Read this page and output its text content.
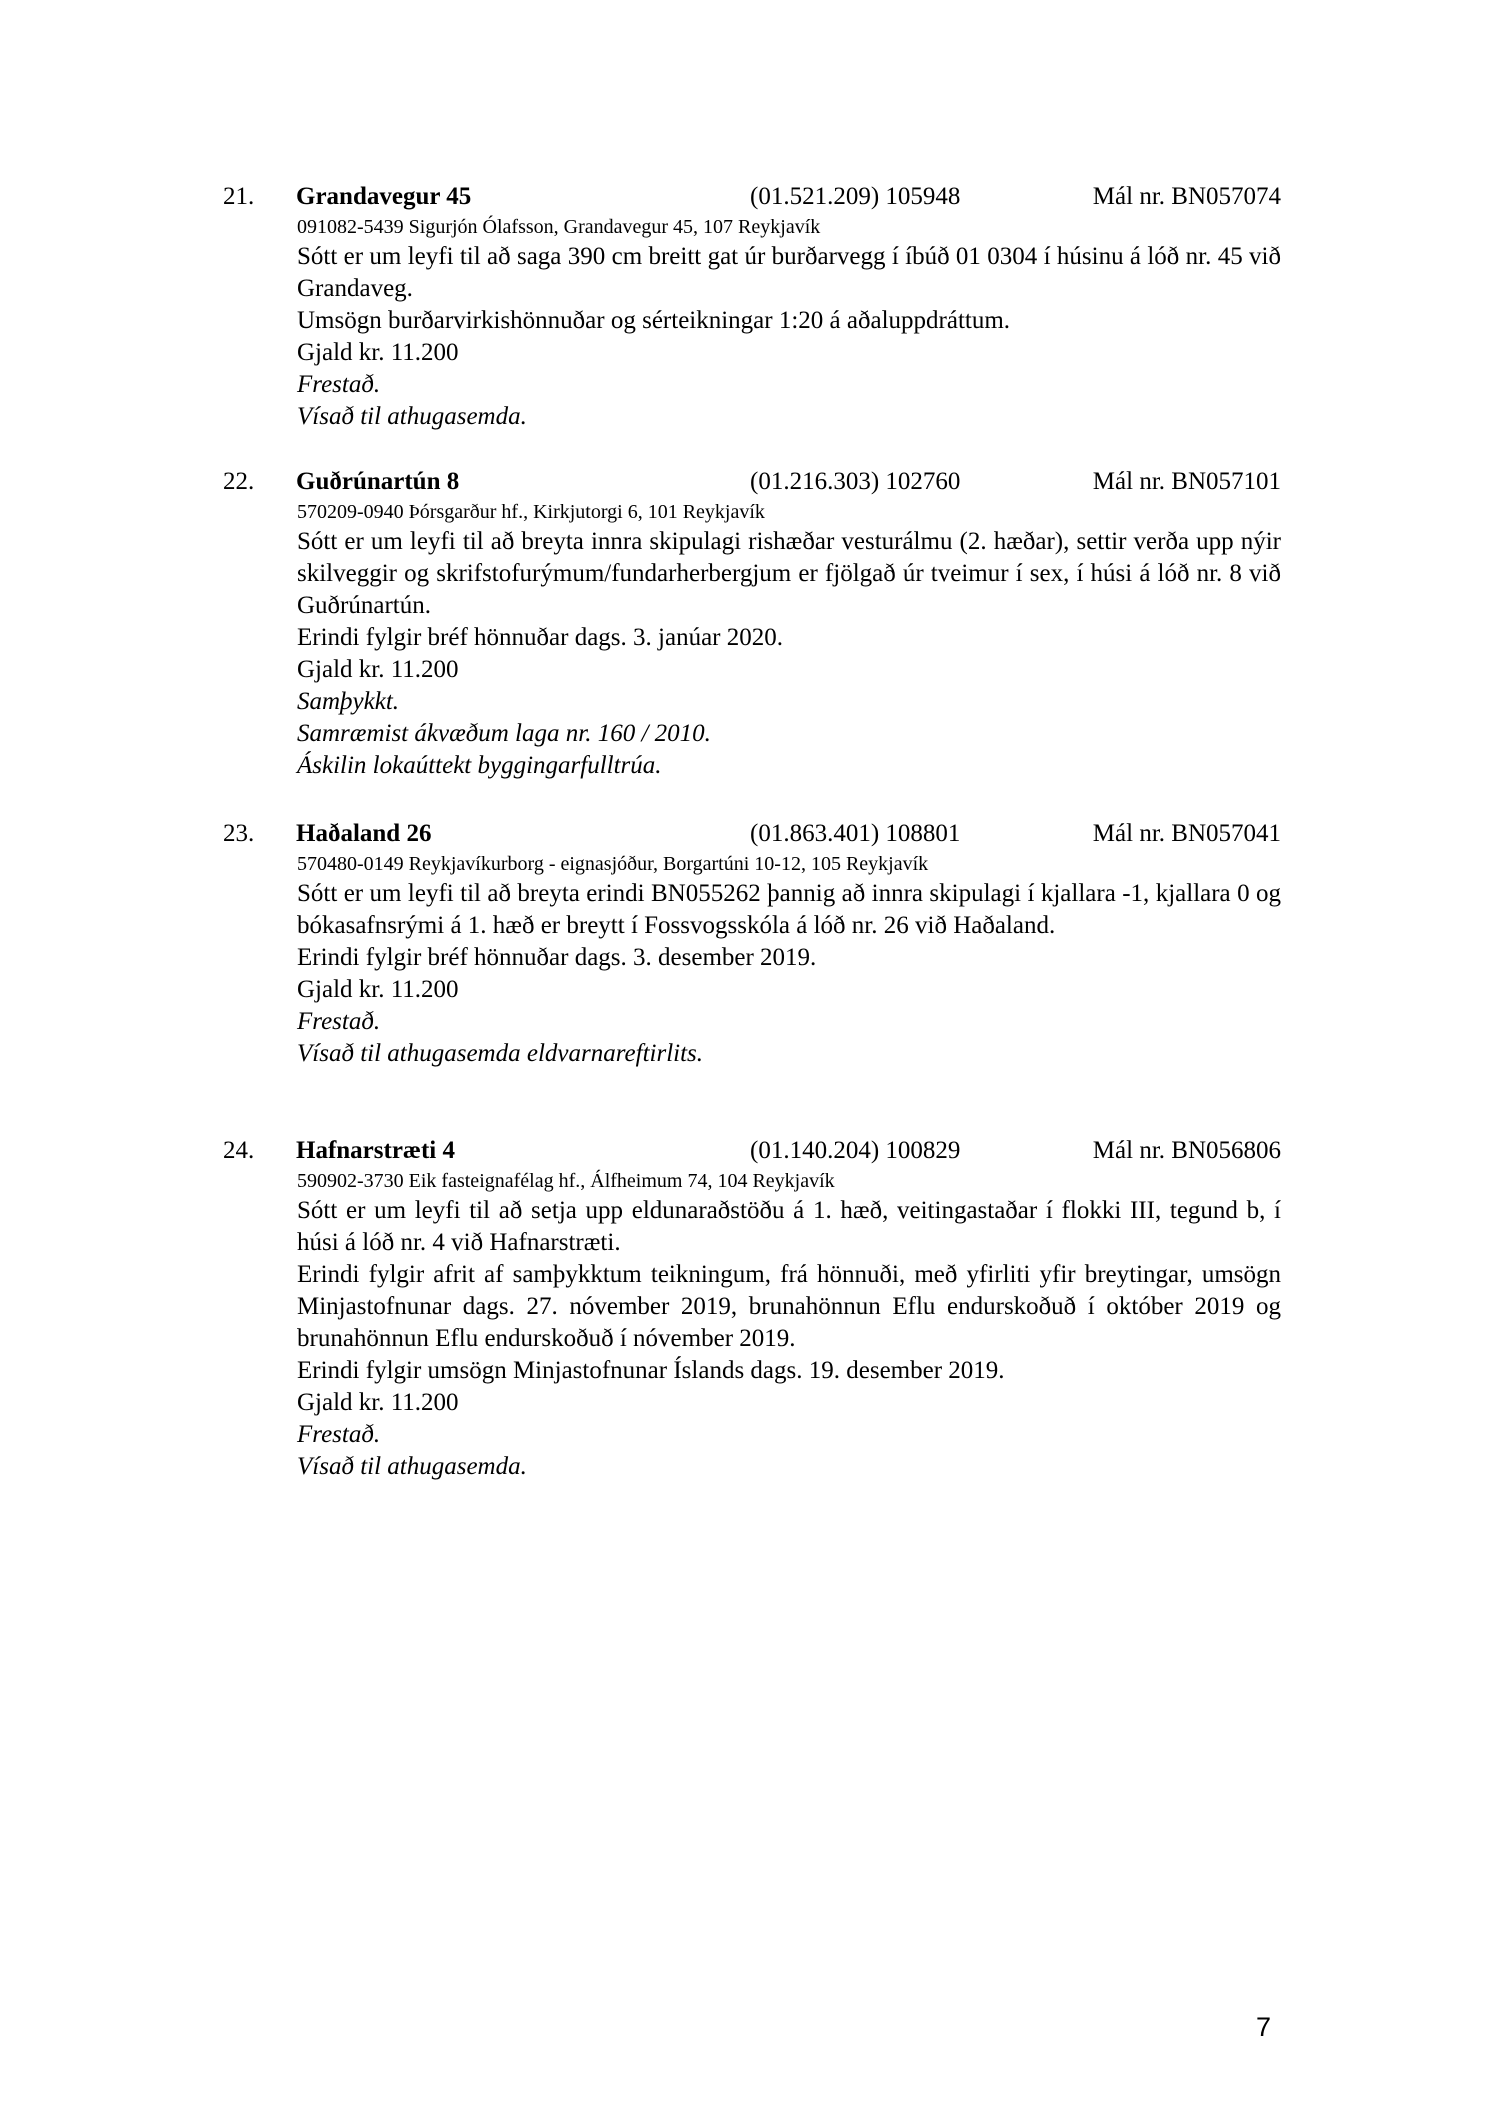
21. Grandavegur 45	(01.521.209) 105948	Mál nr. BN057074
091082-5439 Sigurjón Ólafsson, Grandavegur 45, 107 Reykjavík
Sótt er um leyfi til að saga 390 cm breitt gat úr burðarvegg í íbúð 01 0304 í húsinu á lóð nr. 45 við Grandaveg.
Umsögn burðarvirkishönnuðar og sérteikningar 1:20 á aðaluppdráttum.
Gjald kr. 11.200
Frestað.
Vísað til athugasemda.
22. Guðrúnartún 8	(01.216.303) 102760	Mál nr. BN057101
570209-0940 Þórsgarður hf., Kirkjutorgi 6, 101 Reykjavík
Sótt er um leyfi til að breyta innra skipulagi rishæðar vesturálmu (2. hæðar), settir verða upp nýir skilveggir og skrifstofurýmum/fundarherbergjum er fjölgað úr tveimur í sex, í húsi á lóð nr. 8 við Guðrúnartún.
Erindi fylgir bréf hönnuðar dags. 3. janúar 2020.
Gjald kr. 11.200
Samþykkt.
Samræmist ákvæðum laga nr. 160 / 2010.
Áskilin lokaúttekt byggingarfulltrúa.
23. Haðaland 26	(01.863.401) 108801	Mál nr. BN057041
570480-0149 Reykjavíkurborg - eignasjóður, Borgartúni 10-12, 105 Reykjavík
Sótt er um leyfi til að breyta erindi BN055262 þannig að innra skipulagi í kjallara -1, kjallara 0 og bókasafnsrými á 1. hæð er breytt í Fossvogsskóla á lóð nr. 26 við Haðaland.
Erindi fylgir bréf hönnuðar dags. 3. desember 2019.
Gjald kr. 11.200
Frestað.
Vísað til athugasemda eldvarnareftirlits.
24. Hafnarstræti 4	(01.140.204) 100829	Mál nr. BN056806
590902-3730 Eik fasteignafélag hf., Álfheimum 74, 104 Reykjavík
Sótt er um leyfi til að setja upp eldunaraðstöðu á 1. hæð, veitingastaðar í flokki III, tegund b, í húsi á lóð nr. 4 við Hafnarstræti.
Erindi fylgir afrit af samþykktum teikningum, frá hönnuði, með yfirliti yfir breytingar, umsögn Minjastofnunar dags. 27. nóvember 2019, brunahönnun Eflu endurskoðuð í október 2019 og brunahönnun Eflu endurskoðuð í nóvember 2019.
Erindi fylgir umsögn Minjastofnunar Íslands dags. 19. desember 2019.
Gjald kr. 11.200
Frestað.
Vísað til athugasemda.
7
